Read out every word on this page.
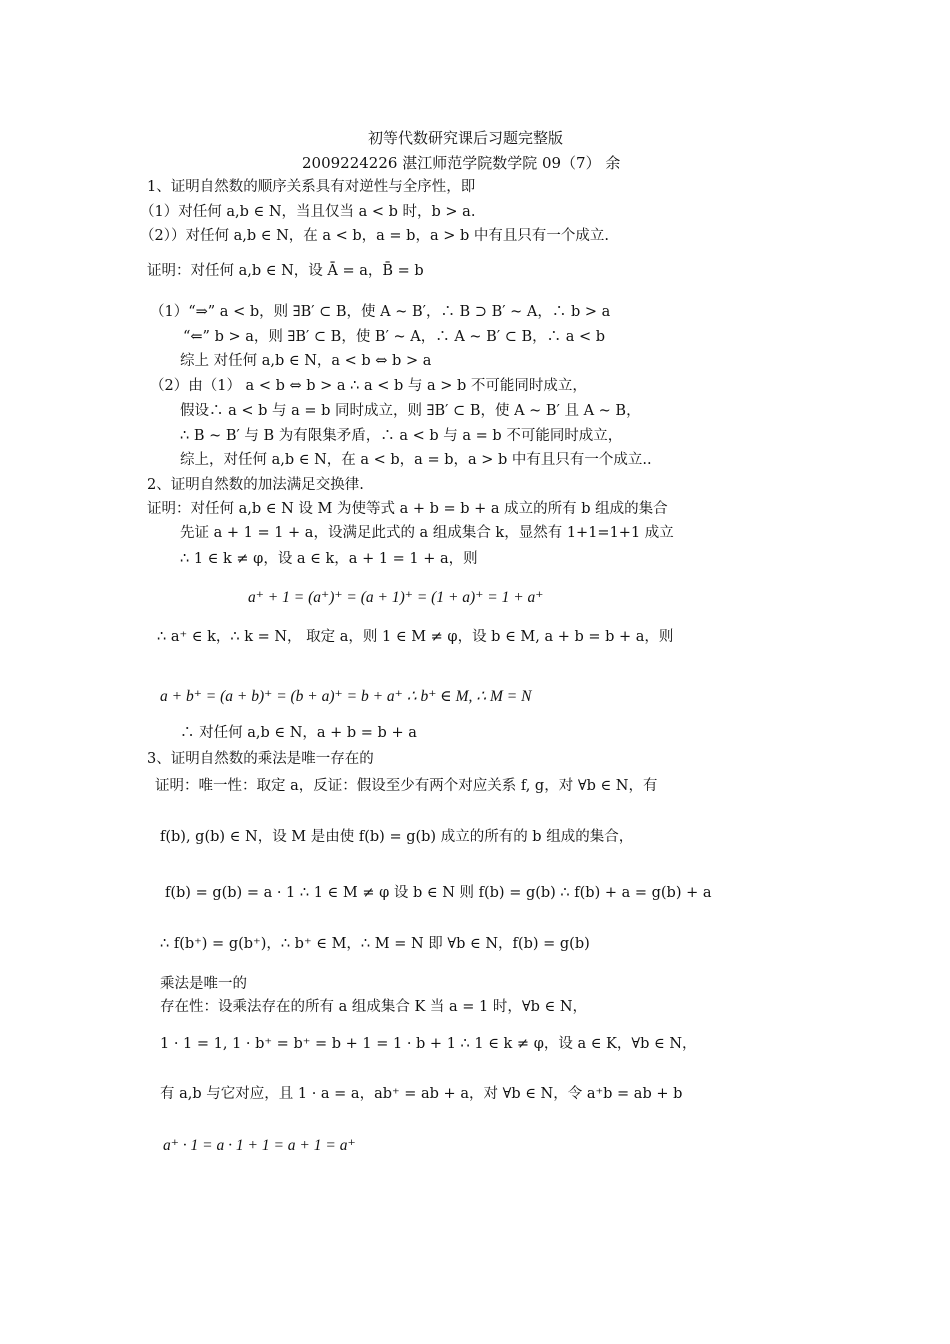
初等代数研究课后习题完整版
2009224226 湛江师范学院数学院 09（7） 余
1、证明自然数的顺序关系具有对逆性与全序性，即
（1）对任何 a,b ∈ N，当且仅当 a < b 时，b > a.
（2））对任何 a,b ∈ N，在 a < b，a = b，a > b 中有且只有一个成立.
证明：对任何 a,b ∈ N，设 Ā = a，B̄ = b
（1）“⇒” a < b，则 ∃B′ ⊂ B，使 A ~ B′，∴ B ⊃ B′ ~ A，∴ b > a
“⇐” b > a，则 ∃B′ ⊂ B，使 B′ ~ A，∴ A ~ B′ ⊂ B，∴ a < b
综上 对任何 a,b ∈ N，a < b ⇔ b > a
（2）由（1） a < b ⇔ b > a ∴ a < b 与 a > b 不可能同时成立，
假设∴ a < b 与 a = b 同时成立，则 ∃B′ ⊂ B，使 A ~ B′ 且 A ~ B，
∴ B ~ B′ 与 B 为有限集矛盾，∴ a < b 与 a = b 不可能同时成立，
综上，对任何 a,b ∈ N，在 a < b，a = b，a > b 中有且只有一个成立..
2、证明自然数的加法满足交换律.
证明：对任何 a,b ∈ N 设 M 为使等式 a + b = b + a 成立的所有 b 组成的集合
先证 a + 1 = 1 + a，设满足此式的 a 组成集合 k，显然有 1+1=1+1 成立
∴ 1 ∈ k ≠ φ，设 a ∈ k，a + 1 = 1 + a，则
a⁺ + 1 = (a⁺)⁺ = (a + 1)⁺ = (1 + a)⁺ = 1 + a⁺
∴ a⁺ ∈ k，∴ k = N， 取定 a，则 1 ∈ M ≠ φ，设 b ∈ M, a + b = b + a，则
a + b⁺ = (a + b)⁺ = (b + a)⁺ = b + a⁺ ∴ b⁺ ∈ M, ∴ M = N
∴ 对任何 a,b ∈ N，a + b = b + a
3、证明自然数的乘法是唯一存在的
证明：唯一性：取定 a，反证：假设至少有两个对应关系 f, g，对 ∀b ∈ N，有
f(b), g(b) ∈ N，设 M 是由使 f(b) = g(b) 成立的所有的 b 组成的集合，
f(b) = g(b) = a · 1 ∴ 1 ∈ M ≠ φ 设 b ∈ N 则 f(b) = g(b) ∴ f(b) + a = g(b) + a
∴ f(b⁺) = g(b⁺)，∴ b⁺ ∈ M，∴ M = N 即 ∀b ∈ N，f(b) = g(b)
乘法是唯一的
存在性：设乘法存在的所有 a 组成集合 K 当 a = 1 时，∀b ∈ N，
1 · 1 = 1, 1 · b⁺ = b⁺ = b + 1 = 1 · b + 1 ∴ 1 ∈ k ≠ φ，设 a ∈ K，∀b ∈ N，
有 a,b 与它对应，且 1 · a = a，ab⁺ = ab + a，对 ∀b ∈ N，令 a⁺b = ab + b
a⁺ · 1 = a · 1 + 1 = a + 1 = a⁺
